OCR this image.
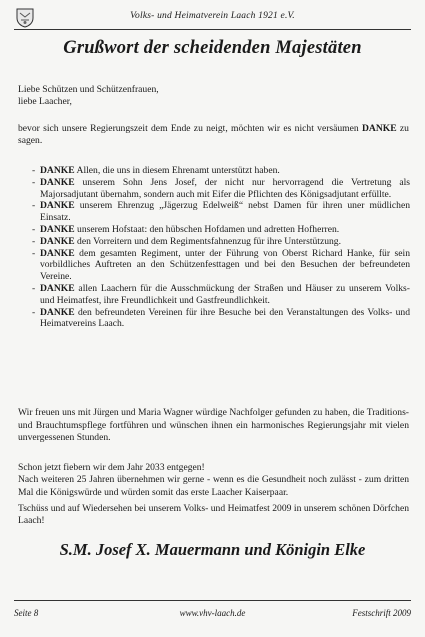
Volks- und Heimatverein Laach 1921 e.V.
Grußwort der scheidenden Majestäten
Liebe Schützen und Schützenfrauen,
liebe Laacher,
bevor sich unsere Regierungszeit dem Ende zu neigt, möchten wir es nicht versäumen DANKE zu sagen.
- DANKE Allen, die uns in diesem Ehrenamt unterstützt haben.
- DANKE unserem Sohn Jens Josef, der nicht nur hervorragend die Vertretung als Majorsadjutant übernahm, sondern auch mit Eifer die Pflichten des Königsadjutant erfüllte.
- DANKE unserem Ehrenzug „Jägerzug Edelweiß“ nebst Damen für ihren uner müdlichen Einsatz.
- DANKE unserem Hofstaat: den hübschen Hofdamen und adretten Hofherren.
- DANKE den Vorreitern und dem Regimentsfahnenzug für ihre Unterstützung.
- DANKE dem gesamten Regiment, unter der Führung von Oberst Richard Hanke, für sein vorbildliches Auftreten an den Schützenfesttagen und bei den Besuchen der befreundeten Vereine.
- DANKE allen Laachern für die Ausschmückung der Straßen und Häuser zu unserem Volks- und Heimatfest, ihre Freundlichkeit und Gastfreundlichkeit.
- DANKE den befreundeten Vereinen für ihre Besuche bei den Veranstaltungen des Volks- und Heimatvereins Laach.
Wir freuen uns mit Jürgen und Maria Wagner würdige Nachfolger gefunden zu haben, die Traditions- und Brauchtumspflege fortführen und wünschen ihnen ein harmonisches Regierungsjahr mit vielen unvergessenen Stunden.
Schon jetzt fiebern wir dem Jahr 2033 entgegen!
Nach weiteren 25 Jahren übernehmen wir gerne - wenn es die Gesundheit noch zulässt - zum dritten Mal die Königswürde und würden somit das erste Laacher Kaiserpaar.
Tschüss und auf Wiedersehen bei unserem Volks- und Heimatfest 2009 in unserem schönen Dörfchen Laach!
S.M. Josef X. Mauermann und Königin Elke
Seite 8	www.vhv-laach.de	Festschrift 2009
